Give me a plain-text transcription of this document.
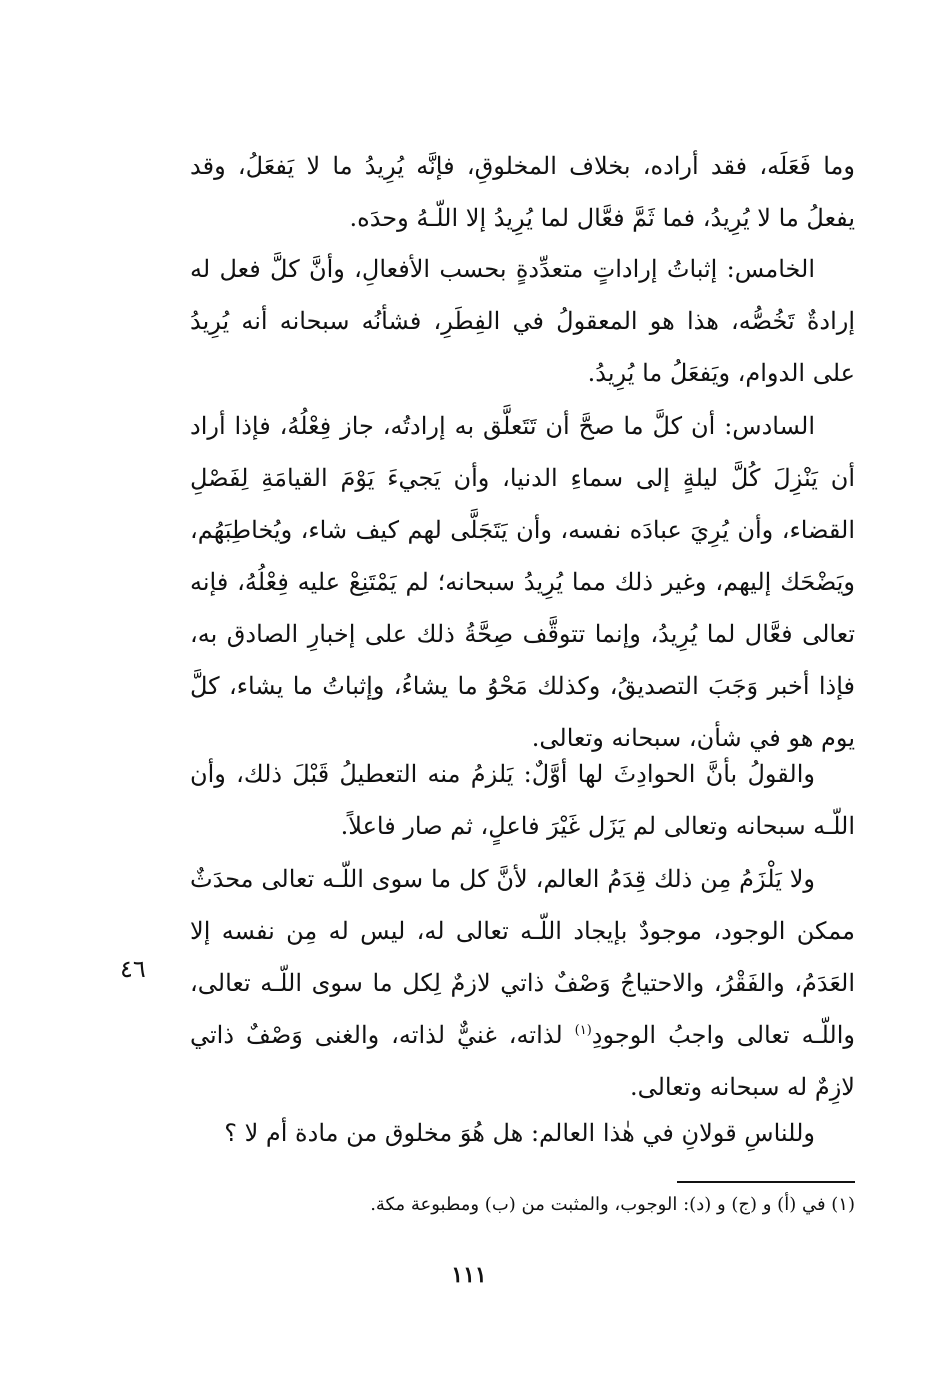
وما فَعَلَه، فقد أراده، بخلاف المخلوقِ، فإنَّه يُرِيدُ ما لا يَفعَلُ، وقد يفعلُ ما لا يُرِيدُ، فما ثَمَّ فعَّال لما يُرِيدُ إلا اللّـهُ وحدَه.
الخامس: إثباتُ إراداتٍ متعدِّدةٍ بحسب الأفعالِ، وأنَّ كلَّ فعل له إرادةٌ تَخُصُّه، هذا هو المعقولُ في الفِطَرِ، فشأنُه سبحانه أنه يُرِيدُ على الدوام، ويَفعَلُ ما يُرِيدُ.
السادس: أن كلَّ ما صحَّ أن تَتَعلَّق به إرادتُه، جاز فِعْلُهُ، فإذا أراد أن يَنْزِلَ كُلَّ ليلةٍ إلى سماءِ الدنيا، وأن يَجيءَ يَوْمَ القيامَةِ لِفَصْلِ القضاء، وأن يُرِيَ عبادَه نفسه، وأن يَتَجَلَّى لهم كيف شاء، ويُخاطِبَهُم، ويَضْحَك إليهم، وغير ذلك مما يُرِيدُ سبحانه؛ لم يَمْتَنِعْ عليه فِعْلُهُ، فإنه تعالى فعَّال لما يُرِيدُ، وإنما تتوقَّف صِحَّةُ ذلك على إخبارِ الصادق به، فإذا أخبر وَجَبَ التصديقُ، وكذلك مَحْوُ ما يشاءُ، وإثباتُ ما يشاء، كلَّ يوم هو في شأن، سبحانه وتعالى.
والقولُ بأنَّ الحوادِثَ لها أوَّلٌ: يَلزمُ منه التعطيلُ قَبْلَ ذلك، وأن اللّـه سبحانه وتعالى لم يَزَل غَيْرَ فاعلٍ، ثم صار فاعلاً.
ولا يَلْزَمُ مِن ذلك قِدَمُ العالم، لأنَّ كل ما سوى اللّـه تعالى محدَثٌ ممكن الوجود، موجودٌ بإيجاد اللّـه تعالى له، ليس له مِن نفسه إلا العَدَمُ، والفَقْرُ، والاحتياجُ وَصْفٌ ذاتي لازمٌ لِكل ما سوى اللّـه تعالى، واللّـه تعالى واجبُ الوجودِ$^{(١)}$ لذاته، غنيٌّ لذاته، والغنى وَصْفٌ ذاتي لازِمٌ له سبحانه وتعالى.
وللناسِ قولانِ في هٰذا العالم: هل هُوَ مخلوق من مادة أم لا ؟
٤٦
(١) في (أ) و (ج) و (د): الوجوب، والمثبت من (ب) ومطبوعة مكة.
١١١
